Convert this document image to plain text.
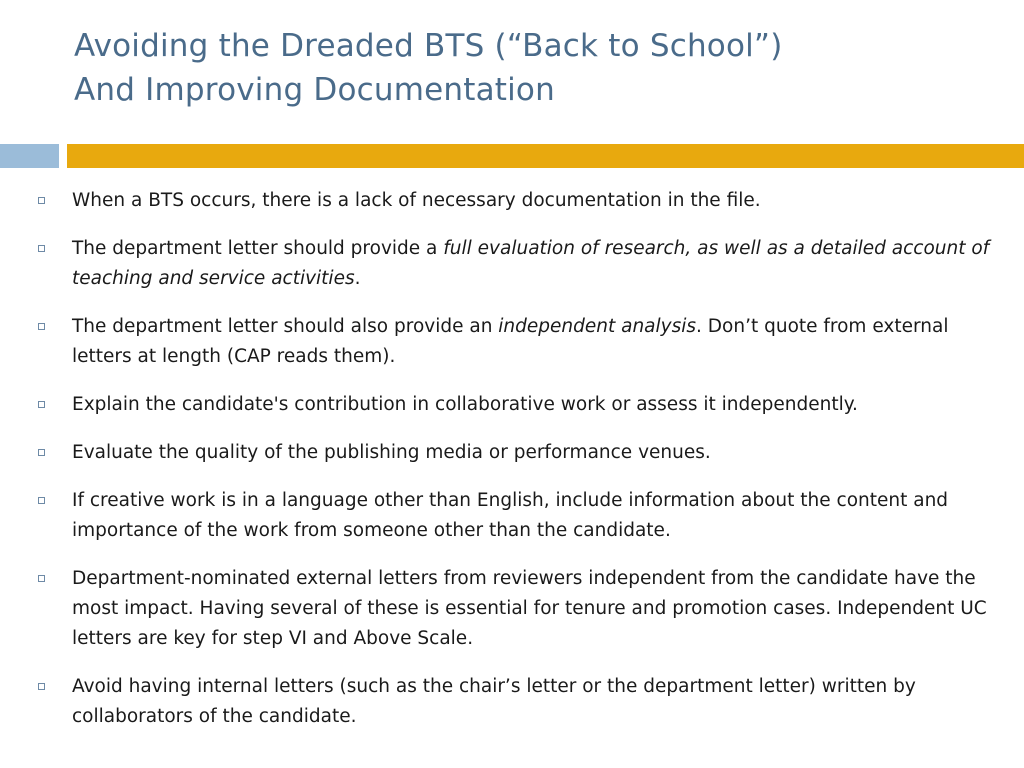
Avoiding the Dreaded BTS (“Back to School”)
And Improving Documentation
When a BTS occurs, there is a lack of necessary documentation in the file.
The department letter should provide a full evaluation of research, as well as a detailed account of teaching and service activities.
The department letter should also provide an independent analysis. Don’t quote from external letters at length (CAP reads them).
Explain the candidate's contribution in collaborative work or assess it independently.
Evaluate the quality of the publishing media or performance venues.
If creative work is in a language other than English, include information about the content and importance of the work from someone other than the candidate.
Department-nominated external letters from reviewers independent from the candidate have the most impact. Having several of these is essential for tenure and promotion cases. Independent UC letters are key for step VI and Above Scale.
Avoid having internal letters (such as the chair’s letter or the department letter) written by collaborators of the candidate.
